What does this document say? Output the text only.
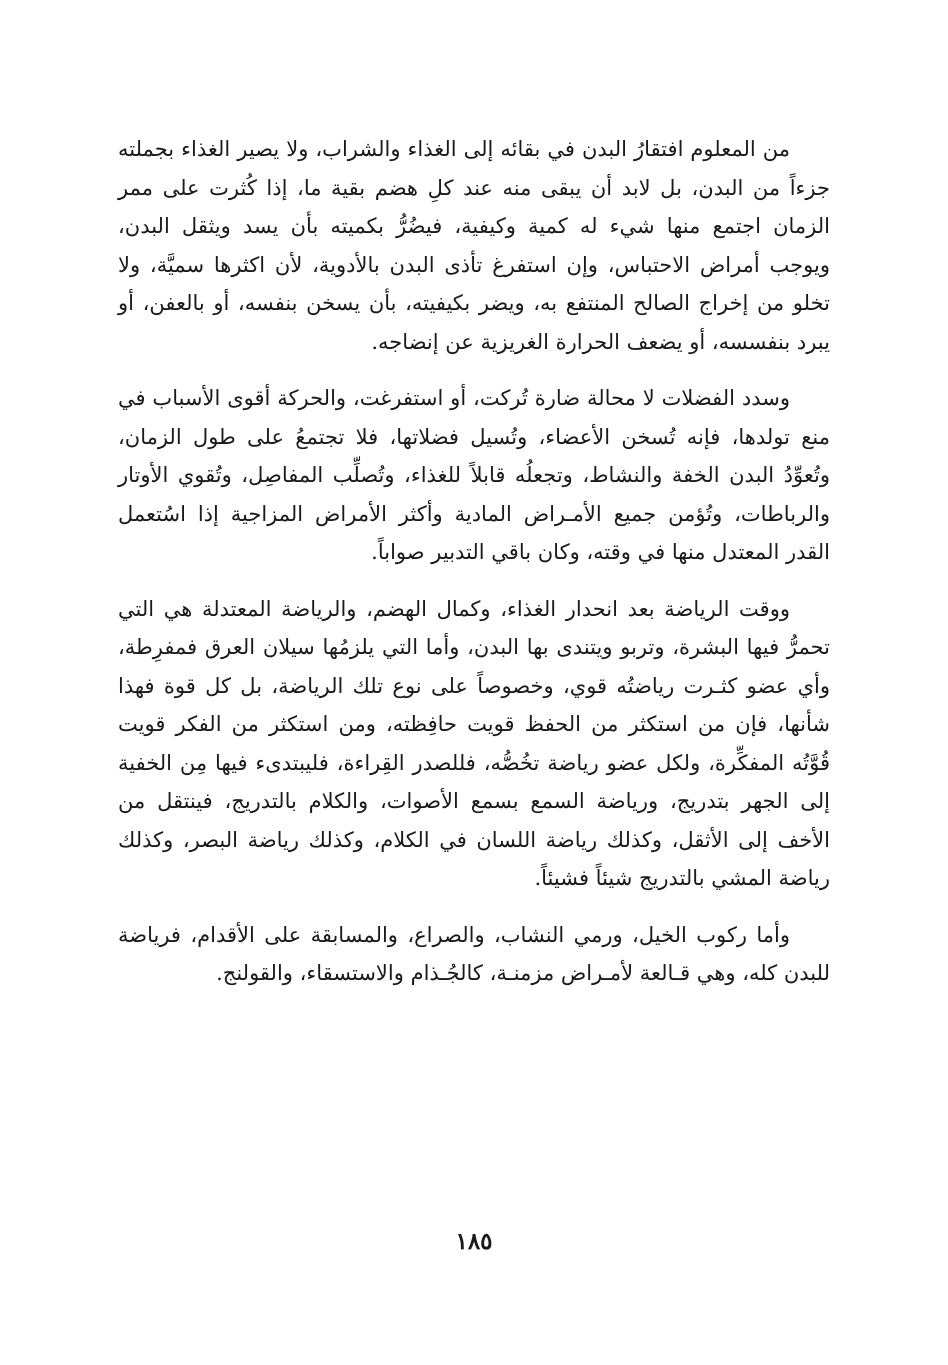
من المعلوم افتقارُ البدن في بقائه إلى الغذاء والشراب، ولا يصير الغذاء بجملته جزءاً من البدن، بل لابد أن يبقى منه عند كلِ هضم بقية ما، إذا كُثرت على ممر الزمان اجتمع منها شيء له كمية وكيفية، فيضُرُّ بكميته بأن يسد ويثقل البدن، ويوجب أمراض الاحتباس، وإن استفرغ تأذى البدن بالأدوية، لأن اكثرها سميَّة، ولا تخلو من إخراج الصالح المنتفع به، ويضر بكيفيته، بأن يسخن بنفسه، أو بالعفن، أو يبرد بنفسسه، أو يضعف الحرارة الغريزية عن إنضاجه.

وسدد الفضلات لا محالة ضارة تُركت، أو استفرغت، والحركة أقوى الأسباب في منع تولدها، فإنه تُسخن الأعضاء، وتُسيل فضلاتها، فلا تجتمعُ على طول الزمان، وتُعوِّدُ البدن الخفة والنشاط، وتجعلُه قابلاً للغذاء، وتُصلِّب المفاصِل، وتُقوي الأوتار والرباطات، وتُؤمن جميع الأمـراض المادية وأكثر الأمراض المزاجية إذا اسُتعمل القدر المعتدل منها في وقته، وكان باقي التدبير صواباً.

ووقت الرياضة بعد انحدار الغذاء، وكمال الهضم، والرياضة المعتدلة هي التي تحمرُّ فيها البشرة، وتربو ويتندى بها البدن، وأما التي يلزمُها سيلان العرق فمفرِطة، وأي عضو كثـرت رياضتُه قوي، وخصوصاً على نوع تلك الرياضة، بل كل قوة فهذا شأنها، فإن من استكثر من الحفظ قويت حافِظته، ومن استكثر من الفكر قويت قُوَّتُه المفكِّرة، ولكل عضو رياضة تخُصُّه، فللصدر القِراءة، فليبتدىء فيها مِن الخفية إلى الجهر بتدريج، ورياضة السمع بسمع الأصوات، والكلام بالتدريج، فينتقل من الأخف إلى الأثقل، وكذلك رياضة اللسان في الكلام، وكذلك رياضة البصر، وكذلك رياضة المشي بالتدريج شيئاً فشيئاً.

وأما ركوب الخيل، ورمي النشاب، والصراع، والمسابقة على الأقدام، فرياضة للبدن كله، وهي قـالعة لأمـراض مزمنـة، كالجُـذام والاستسقاء، والقولنج.

١٨٥
